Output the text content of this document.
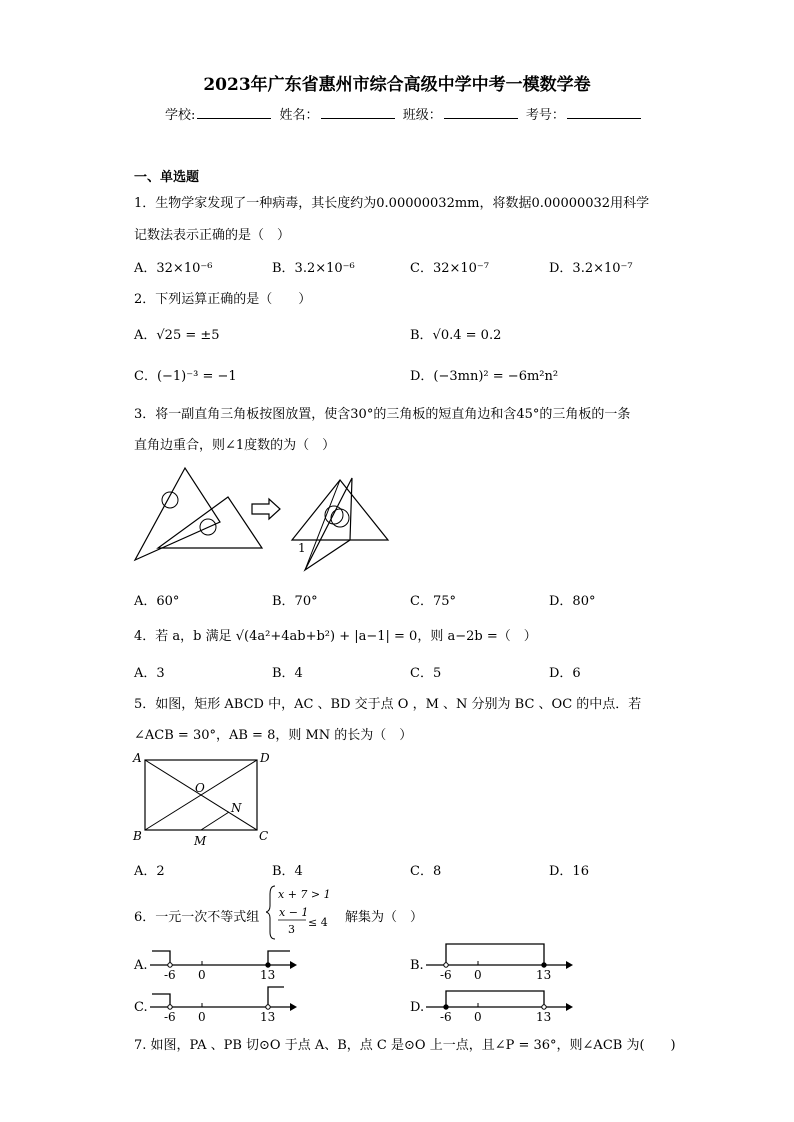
2023年广东省惠州市综合高级中学中考一模数学卷
学校:	姓名：	班级：	考号：
一、单选题
1．生物学家发现了一种病毒，其长度约为0.00000032mm，将数据0.00000032用科学
记数法表示正确的是（　）
A．32×10⁻⁶	B．3.2×10⁻⁶	C．32×10⁻⁷	D．3.2×10⁻⁷
2．下列运算正确的是（　　）
A．√25 = ±5	B．√0.4 = 0.2
C．(−1)⁻³ = −1	D．(−3mn)² = −6m²n²
3．将一副直角三角板按图放置，使含30°的三角板的短直角边和含45°的三角板的一条
直角边重合，则∠1度数的为（　）
1
A．60°	B．70°	C．75°	D．80°
4．若 a，b 满足 √(4a²+4ab+b²) + |a−1| = 0，则 a−2b =（　）
A．3	B．4	C．5	D．6
5．如图，矩形 ABCD 中，AC 、BD 交于点 O ，M 、N 分别为 BC 、OC 的中点．若
∠ACB = 30°，AB = 8，则 MN 的长为（　）
A	D
B	C
O
N
M
A．2	B．4	C．8	D．16
6．一元一次不等式组
x + 7 > 1
x − 1
3
≤ 4 解集为（　）
A.
-6 0	13
B.
-6 0	13
C.
-6 0	13
D.
-6 0	13
7. 如图，PA 、PB 切⊙O 于点 A、B，点 C 是⊙O 上一点，且∠P = 36°，则∠ACB 为(　　)
